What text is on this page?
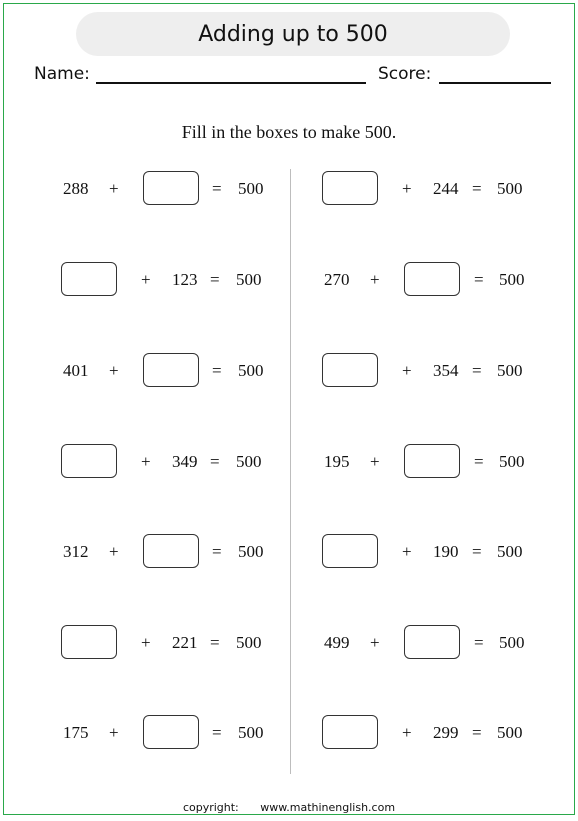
Adding up to 500
Name:	Score:
Fill in the boxes to make 500.
288 +	= 500
123
+	= 500
401 +	= 500
349
+	= 500
312 +	= 500
221
+	= 500
175 +	= 500
244
+	= 500
270 +	= 500
354
+	= 500
195 +	= 500
190
+	= 500
499 +	= 500
299
+	= 500
copyright: www.mathinenglish.com
